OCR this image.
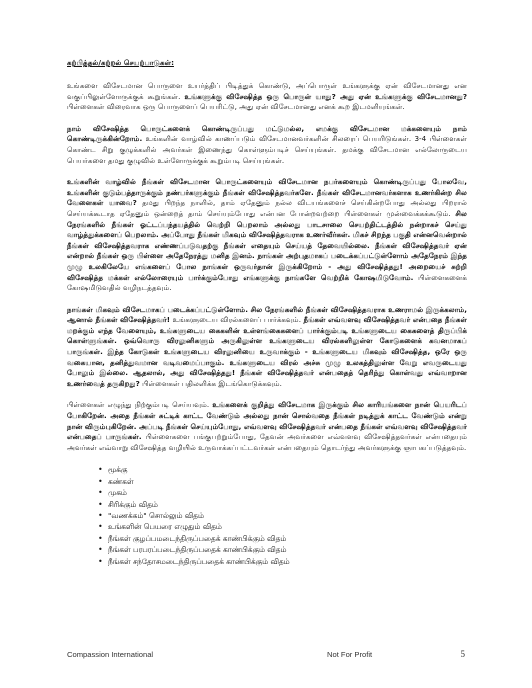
கற்பித்தல்/கற்றல் செயற்பாடுகள்:

உங்களை விசேடமான பொருளை உயர்த்திப் பிடித்துக் கொண்டு, அப்பொருள் உங்களுக்கு ஏன் விசேடமானது என வகுப்பிலுள்ளோருக்குக் கூறுங்கள். உங்களுக்கு விசேஷித்த ஒரு பொருள் யாது? அது ஏன் உங்களுக்கு விசேடமானது? பிள்ளைகள் விரைவாக ஒரு பொருளைப் பெயரிட்டு, அது ஏன் விசேடமானது எனக் கூற இடமளியுங்கள்.

நாம் விசேஷித்த பொருட்களைக் கொண்டிருப்பது மட்டுமல்ல, எமக்கு விசேடமான மக்களையும் நாம் கொண்டிருக்கின்றோம். உங்களின் வாழ்வில் காணப்படும் விசேடமானவர்களின் சிலரைப் பெயரிடுங்கள். 3-4 பிள்ளைகள் கொண்ட சிறு குழுக்களில் அவர்கள் இணைந்து கொள்ளும்படிச் செய்யுங்கள். தமக்கு விசேடமான எல்லோருடைய பெயர்களை தமது குழுவில் உள்ளோருக்குக் கூறும்படி செய்யுங்கள்.

உங்களின் வாழ்வில் நீங்கள் விசேடமான பொருட்களையும் விசேடமான நபர்களையும் கொண்டிருப்பது போலவே, உங்களின் குடும்பத்தாருக்கும் நண்பர்களுக்கும் நீங்கள் விசேஷித்தவர்களே. நீங்கள் விசேடமானவர்களாக உணர்கின்ற சில வேளைகள் யாவை? தமது பிறந்த நாளில், தாம் ஏதேனும் நல்ல விடயங்களைச் செய்கின்றபோது அல்லது பிறரால் செய்யக்கூடாத ஏதேனும் ஒன்றைத் தாம் செய்யும்போது என்பன போன்றவற்றை பிள்ளைகள் முன்வைக்கக்கூடும். சில நேரங்களில் நீங்கள் ஓட்டப்பந்தயத்தில் வெற்றி பெறலாம் அல்லது பாடசாலை செயற்திட்டத்தில் நன்றாகச் செய்து வாழ்த்துக்களைப் பெறலாம். அப்போது நீங்கள் மிகவும் விசேஷித்தவராக உணர்வீர்கள். மிகச் சிறந்த பகுதி என்னவென்றால் நீங்கள் விசேஷித்தவராக எண்ணப்படுவதற்கு நீங்கள் எதையும் செய்யத் தேவையில்லை. நீங்கள் விசேஷித்தவர் ஏன் என்றால் நீங்கள் ஒரு பிள்ளை அதேநேரத்து மனித இனம். நாங்கள் அற்புதமாகப் படைக்கப்பட்டுள்ளோம் அதேநேரம் இந்த முழு உலகிலேயே எங்களைப் போல நாங்கள் ஒருவர்தான் இருக்கிறோம் - அது விசேஷித்தது! அறையைச் சுற்றி விசேஷித்த மக்கள் எல்லோரையும் பார்க்கும்போது எங்களுக்கு நாங்களே வெற்றிக் கோஷமிடுவோம். பிள்ளைகளைக் கோஷமிடுவதில் வழிநடத்தவும்.

நாங்கள் மிகவும் விசேடமாகப் படைக்கப்பட்டுள்ளோம். சில நேரங்களில் நீங்கள் விசேஷித்தவராக உணராமல் இருக்கலாம், ஆனால் நீங்கள் விசேஷித்தவர்! உங்களுடைய விரல்களைப் பார்க்கவும். நீங்கள் எவ்வளவு விசேஷித்தவர் என்பதை நீங்கள் மறக்கும் எந்த வேளையும், உங்களுடைய கைகளின் உள்ளங்கைகளைப் பார்க்கும்படி உங்களுடைய கைகளைத் திருப்பிக் கொள்ளுங்கள். ஒவ்வொரு விரலுனிகளும் அருகிலுள்ள உங்களுடைய விரல்களிலுள்ள கோடுகளைக் கவனமாகப் பாருங்கள். இந்த கோடுகள் உங்களுடைய விரலுனியை உருவாக்கும் - உங்களுடைய மிகவும் விசேஷித்த, ஒரே ஒரு வகையான, தனித்துவமான வடிவமைப்பாகும். உங்களுடைய விரல் அச்சு முழு உலகத்திலுள்ள வேறு எவருடையது போலும் இல்லை. ஆதலால், அது விசேஷித்தது! நீங்கள் விசேஷித்தவர் என்பதைத் தெரிந்து கொள்வது எவ்வாறான உணர்வைத் தருகிறது? பிள்ளைகள் பதிலளிக்க இடங்கொடுக்கவும்.

பிள்ளைகள் எழுந்து நிற்கும்படி செய்யவும். உங்களைக் குறித்து விசேடமாக இருக்கும் சில காரியங்களை நான் பெயரிடப் போகிறேன். அதை நீங்கள் சுட்டிக் காட்ட வேண்டும் அல்லது நான் சொல்வதை நீங்கள் நடித்துக் காட்ட வேண்டும் என்று நான் விரும்புகிறேன். அப்படி நீங்கள் செய்யும்போது, எவ்வளவு விசேஷித்தவர் என்பதை நீங்கள் எவ்வளவு விசேஷித்தவர் என்பதைப் பாருங்கள். பிள்ளைகளை பங்குபற்றும்போது, தேவன் அவர்களை எவ்வளவு விசேஷித்தவர்கள் என்பதையும் அவர்கள் எவ்வாறு விசேஷித்த வழியில் உருவாக்கப்பட்டவர்கள் என்பதையும் தொடர்ந்து அவர்களுக்கு ஞாபகப்படுத்தவும்.

• மூக்கு
• கண்கள்
• முகம்
• சிரிக்கும் விதம்
• "வணக்கம்" சொல்லும் விதம்
• உங்களின் பெயரை எழுதும் விதம்
• நீங்கள் குழப்பமடைந்திருப்பதைக் காண்பிக்கும் விதம்
• நீங்கள் பரபரப்படைந்திருப்பதைக் காண்பிக்கும் விதம்
• நீங்கள் சந்தோசமடைந்திருப்பதைக் காண்பிக்கும் விதம்
Compassion International	Not For Profit	5
